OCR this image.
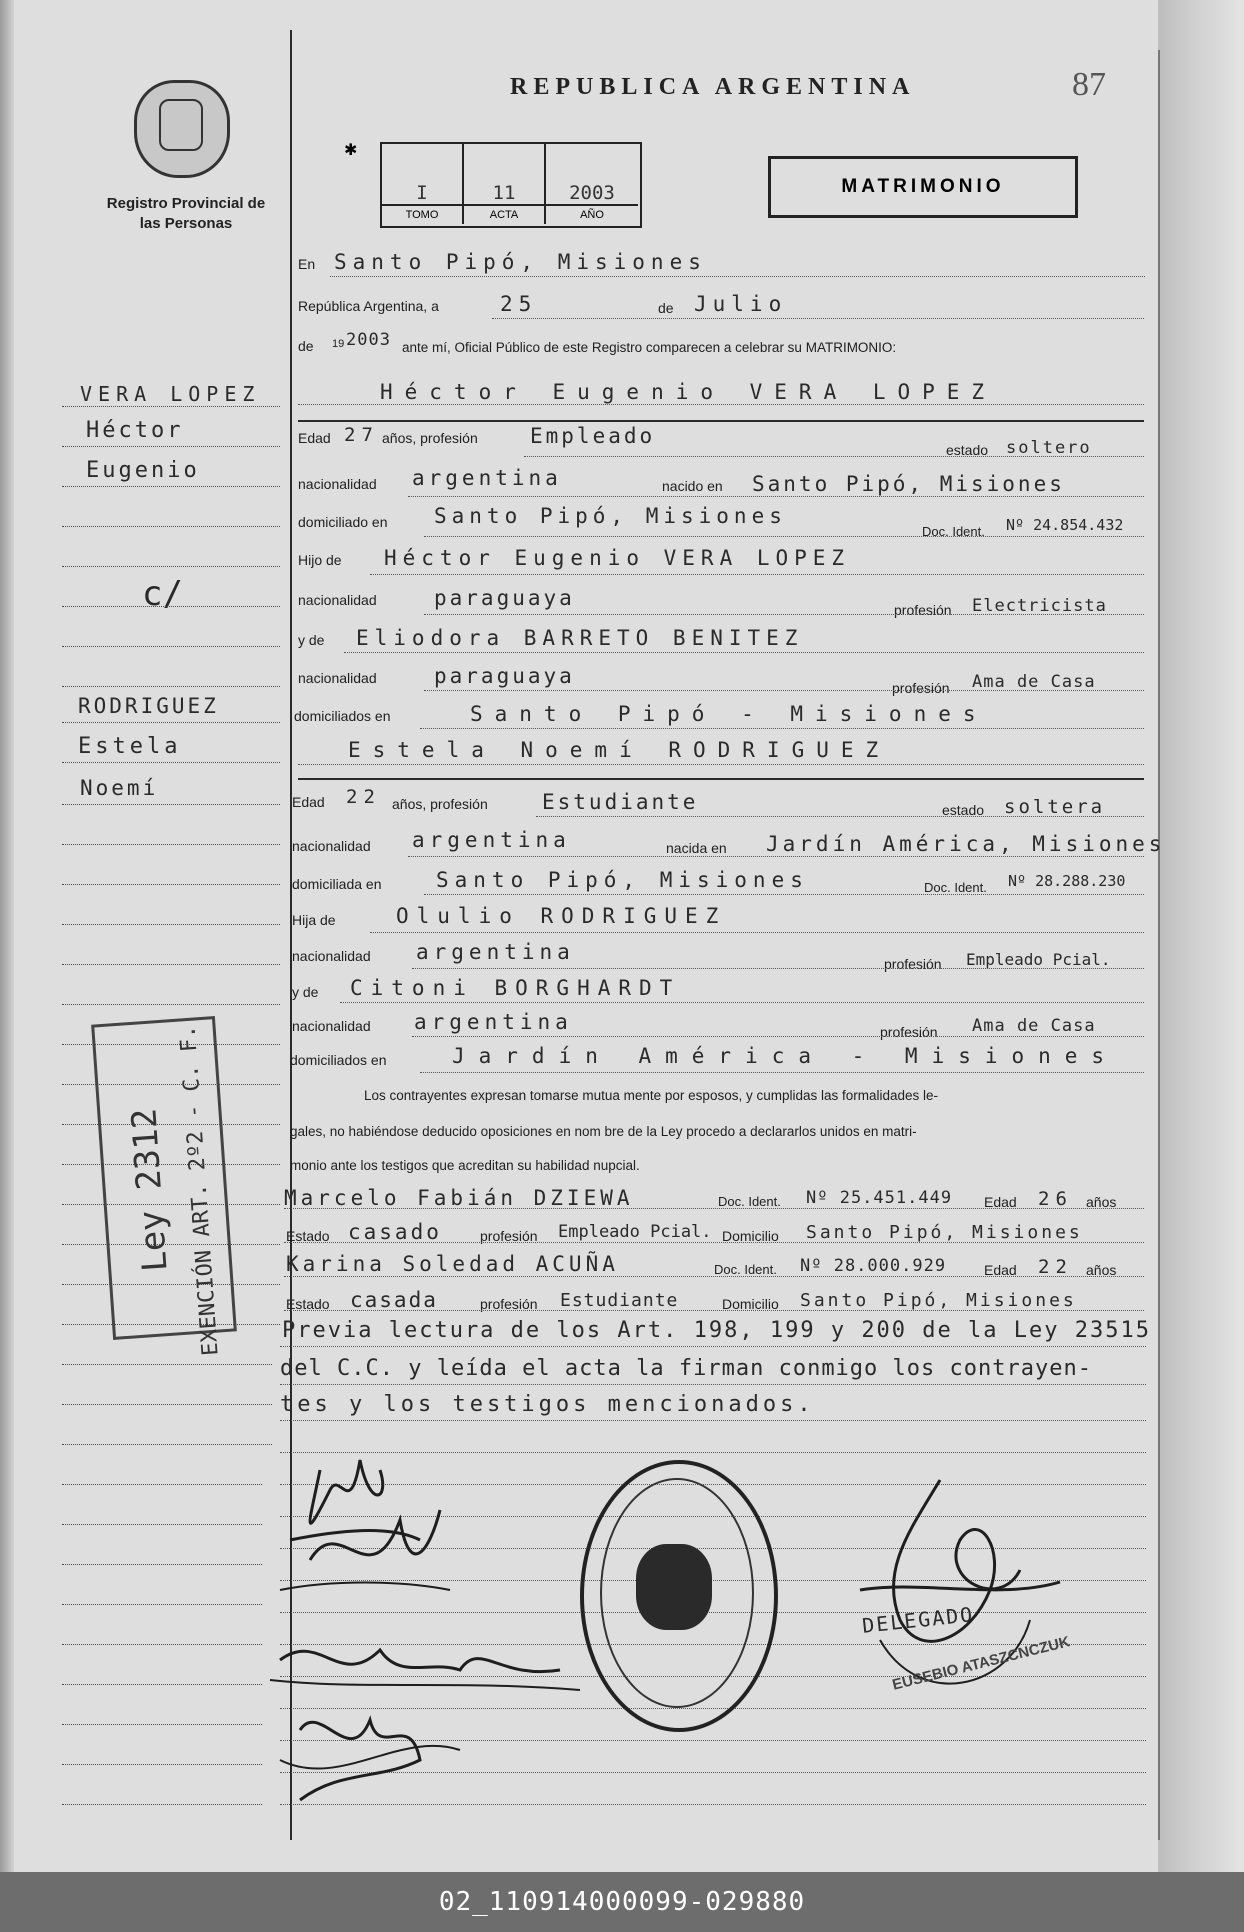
Registro Provincial de las Personas
REPUBLICA ARGENTINA	87
✱
I
TOMO
11
ACTA
2003
AÑO
MATRIMONIO
En Santo Pipó, Misiones
República Argentina, a	25	de Julio
de 19 2003 ante mí, Oficial Público de este Registro comparecen a celebrar su MATRIMONIO:
VERA LOPEZ
Héctor
Eugenio
c/
Héctor Eugenio VERA LOPEZ
Edad 27 años, profesión Empleado
estado soltero
nacionalidad argentina	nacido en Santo Pipó, Misiones
domiciliado en Santo Pipó, Misiones
Doc. Ident. Nº 24.854.432
Hijo de Héctor Eugenio VERA LOPEZ
nacionalidad	paraguaya	profesión Electricista
y de Eliodora BARRETO BENITEZ
nacionalidad	paraguaya	profesión Ama de Casa
domiciliados en	Santo Pipó - Misiones
RODRIGUEZ
Estela
Noemí
Estela Noemí RODRIGUEZ
Edad 22 años, profesión	Estudiante	estado soltera
nacionalidad argentina	nacida en Jardín América, Misiones
domiciliada en	Santo Pipó, Misiones	Doc. Ident. Nº 28.288.230
Hija de	Olulio RODRIGUEZ
nacionalidad argentina	profesión Empleado Pcial.
y de Citoni BORGHARDT
nacionalidad argentina	profesión Ama de Casa
domiciliados en	Jardín América - Misiones
Los contrayentes expresan tomarse mutua mente por esposos, y cumplidas las formalidades le-
gales, no habiéndose deducido oposiciones en nom bre de la Ley procedo a declararlos unidos en matri-
monio ante los testigos que acreditan su habilidad nupcial.
Marcelo Fabián DZIEWA	Doc. Ident. Nº 25.451.449 Edad 26 años
Estado casado	profesión Empleado Pcial. Domicilio Santo Pipó, Misiones
Karina Soledad ACUÑA	Doc. Ident. Nº 28.000.929	Edad 22 años
Estado casada	profesión Estudiante	Domicilio Santo Pipó, Misiones
Previa lectura de los Art. 198, 199 y 200 de la Ley 23515
del C.C. y leída el acta la firman conmigo los contrayen-
tes y los testigos mencionados.
Ley 2312 EXENCIÓN ART. 2º2 - C. F.
DELEGADO
EUSEBIO ATASZCNCZUK
02_110914000099-029880
